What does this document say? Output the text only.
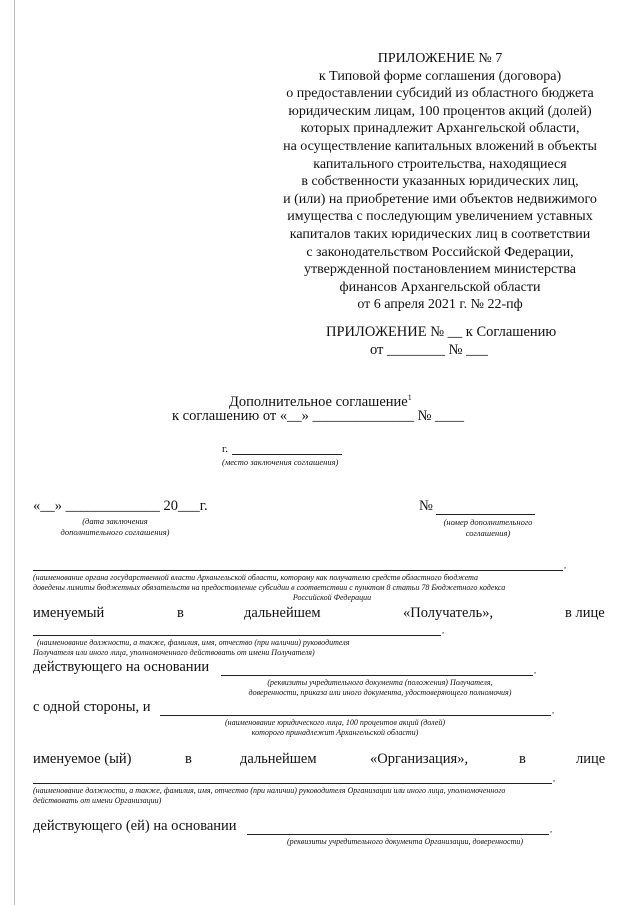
ПРИЛОЖЕНИЕ № 7
к Типовой форме соглашения (договора)
о предоставлении субсидий из областного бюджета
юридическим лицам, 100 процентов акций (долей)
которых принадлежит Архангельской области,
на осуществление капитальных вложений в объекты
капитального строительства, находящиеся
в собственности указанных юридических лиц,
и (или) на приобретение ими объектов недвижимого
имущества с последующим увеличением уставных
капиталов таких юридических лиц в соответствии
с законодательством Российской Федерации,
утвержденной постановлением министерства
финансов Архангельской области
от 6 апреля 2021 г. № 22-пф
ПРИЛОЖЕНИЕ № __ к Соглашению
от ________ № ___
Дополнительное соглашение$^1$
к соглашению от «__» ______________ № ____
г.
(место заключения соглашения)
«__» _____________ 20___г.
(дата заключения
дополнительного соглашения)
№
(номер дополнительного
соглашения)
,
(наименование органа государственной власти Архангельской области, которому как получателю средств областного бюджета
доведены лимиты бюджетных обязательств на предоставление субсидии в соответствии с пунктом 8 статьи 78 Бюджетного кодекса
Российской Федерации
именуемый	в	дальнейшем	«Получатель»,	в лице
,
(наименование должности, а также, фамилия, имя, отчество (при наличии) руководителя
Получателя или иного лица, уполномоченного действовать от имени Получателя)
действующего на основании	,
(реквизиты учредительного документа (положения) Получателя,
доверенности, приказа или иного документа, удостоверяющего полномочия)
с одной стороны, и	,
(наименование юридического лица, 100 процентов акций (долей)
которого принадлежит Архангельской области)
именуемое (ый)	в	дальнейшем	«Организация»,	в	лице
,
(наименование должности, а также, фамилия, имя, отчество (при наличии) руководителя Организации или иного лица, уполномоченного
действовать от имени Организации)
действующего (ей) на основании	,
(реквизиты учредительного документа Организации, доверенности)
